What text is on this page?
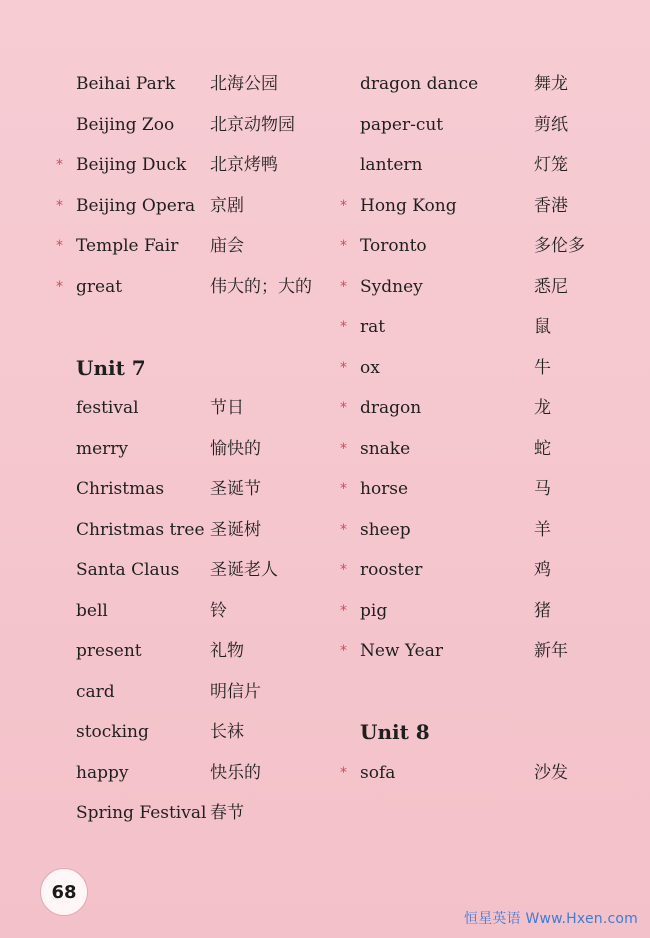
Beihai Park 北海公园
Beijing Zoo 北京动物园
* Beijing Duck 北京烤鸭
* Beijing Opera 京剧
* Temple Fair 庙会
* great	伟大的；大的
Unit 7
festival	节日
merry	愉快的
Christmas	圣诞节
Christmas tree 圣诞树
Santa Claus 圣诞老人
bell	铃
present	礼物
card	明信片
stocking	长袜
happy	快乐的
Spring Festival 春节
dragon dance	舞龙
paper-cut	剪纸
lantern	灯笼
* Hong Kong	香港
* Toronto	多伦多
* Sydney	悉尼
* rat	鼠
* ox	牛
* dragon	龙
* snake	蛇
* horse	马
* sheep	羊
* rooster	鸡
* pig	猪
* New Year	新年
Unit 8
* sofa	沙发
68
恒星英语 Www.Hxen.com
